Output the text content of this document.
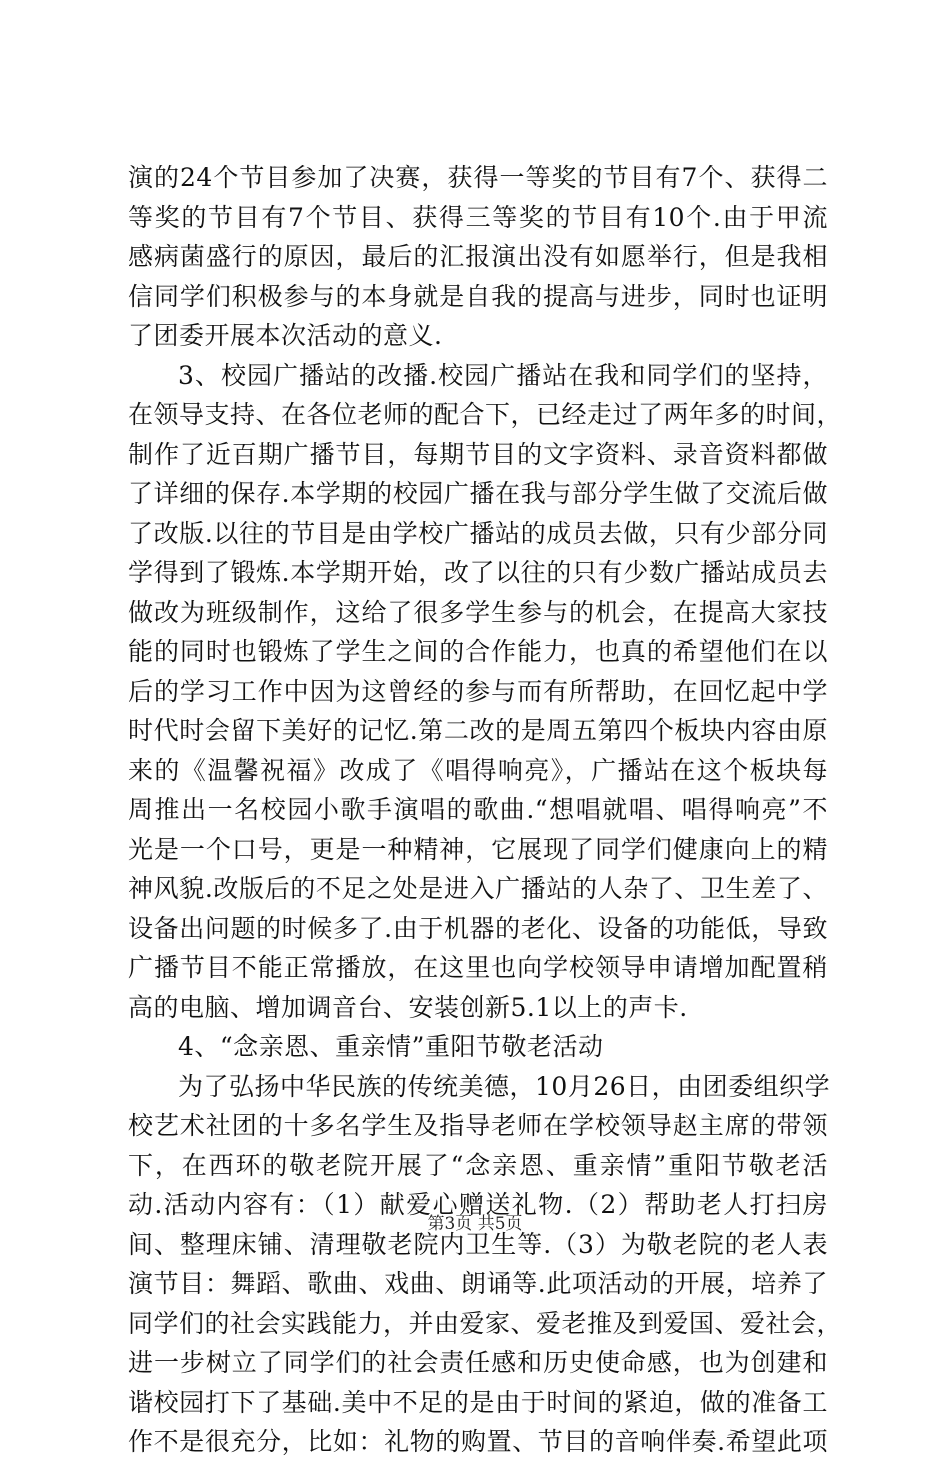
演的24个节目参加了决赛，获得一等奖的节目有7个、获得二
等奖的节目有7个节目、获得三等奖的节目有10个.由于甲流
感病菌盛行的原因，最后的汇报演出没有如愿举行，但是我相
信同学们积极参与的本身就是自我的提高与进步，同时也证明
了团委开展本次活动的意义.
3、校园广播站的改播.校园广播站在我和同学们的坚持，
在领导支持、在各位老师的配合下，已经走过了两年多的时间，
制作了近百期广播节目，每期节目的文字资料、录音资料都做
了详细的保存.本学期的校园广播在我与部分学生做了交流后做
了改版.以往的节目是由学校广播站的成员去做，只有少部分同
学得到了锻炼.本学期开始，改了以往的只有少数广播站成员去
做改为班级制作，这给了很多学生参与的机会，在提高大家技
能的同时也锻炼了学生之间的合作能力，也真的希望他们在以
后的学习工作中因为这曾经的参与而有所帮助，在回忆起中学
时代时会留下美好的记忆.第二改的是周五第四个板块内容由原
来的《温馨祝福》改成了《唱得响亮》，广播站在这个板块每
周推出一名校园小歌手演唱的歌曲.“想唱就唱、唱得响亮”不
光是一个口号，更是一种精神，它展现了同学们健康向上的精
神风貌.改版后的不足之处是进入广播站的人杂了、卫生差了、
设备出问题的时候多了.由于机器的老化、设备的功能低，导致
广播节目不能正常播放，在这里也向学校领导申请增加配置稍
高的电脑、增加调音台、安装创新5.1以上的声卡.
4、“念亲恩、重亲情”重阳节敬老活动
为了弘扬中华民族的传统美德，10月26日，由团委组织学
校艺术社团的十多名学生及指导老师在学校领导赵主席的带领
下，在西环的敬老院开展了“念亲恩、重亲情”重阳节敬老活
动.活动内容有：（1）献爱心赠送礼物.（2）帮助老人打扫房
间、整理床铺、清理敬老院内卫生等.（3）为敬老院的老人表
演节目：舞蹈、歌曲、戏曲、朗诵等.此项活动的开展，培养了
同学们的社会实践能力，并由爱家、爱老推及到爱国、爱社会，
进一步树立了同学们的社会责任感和历史使命感，也为创建和
谐校园打下了基础.美中不足的是由于时间的紧迫，做的准备工
作不是很充分，比如：礼物的购置、节目的音响伴奏.希望此项
第3页 共5页
